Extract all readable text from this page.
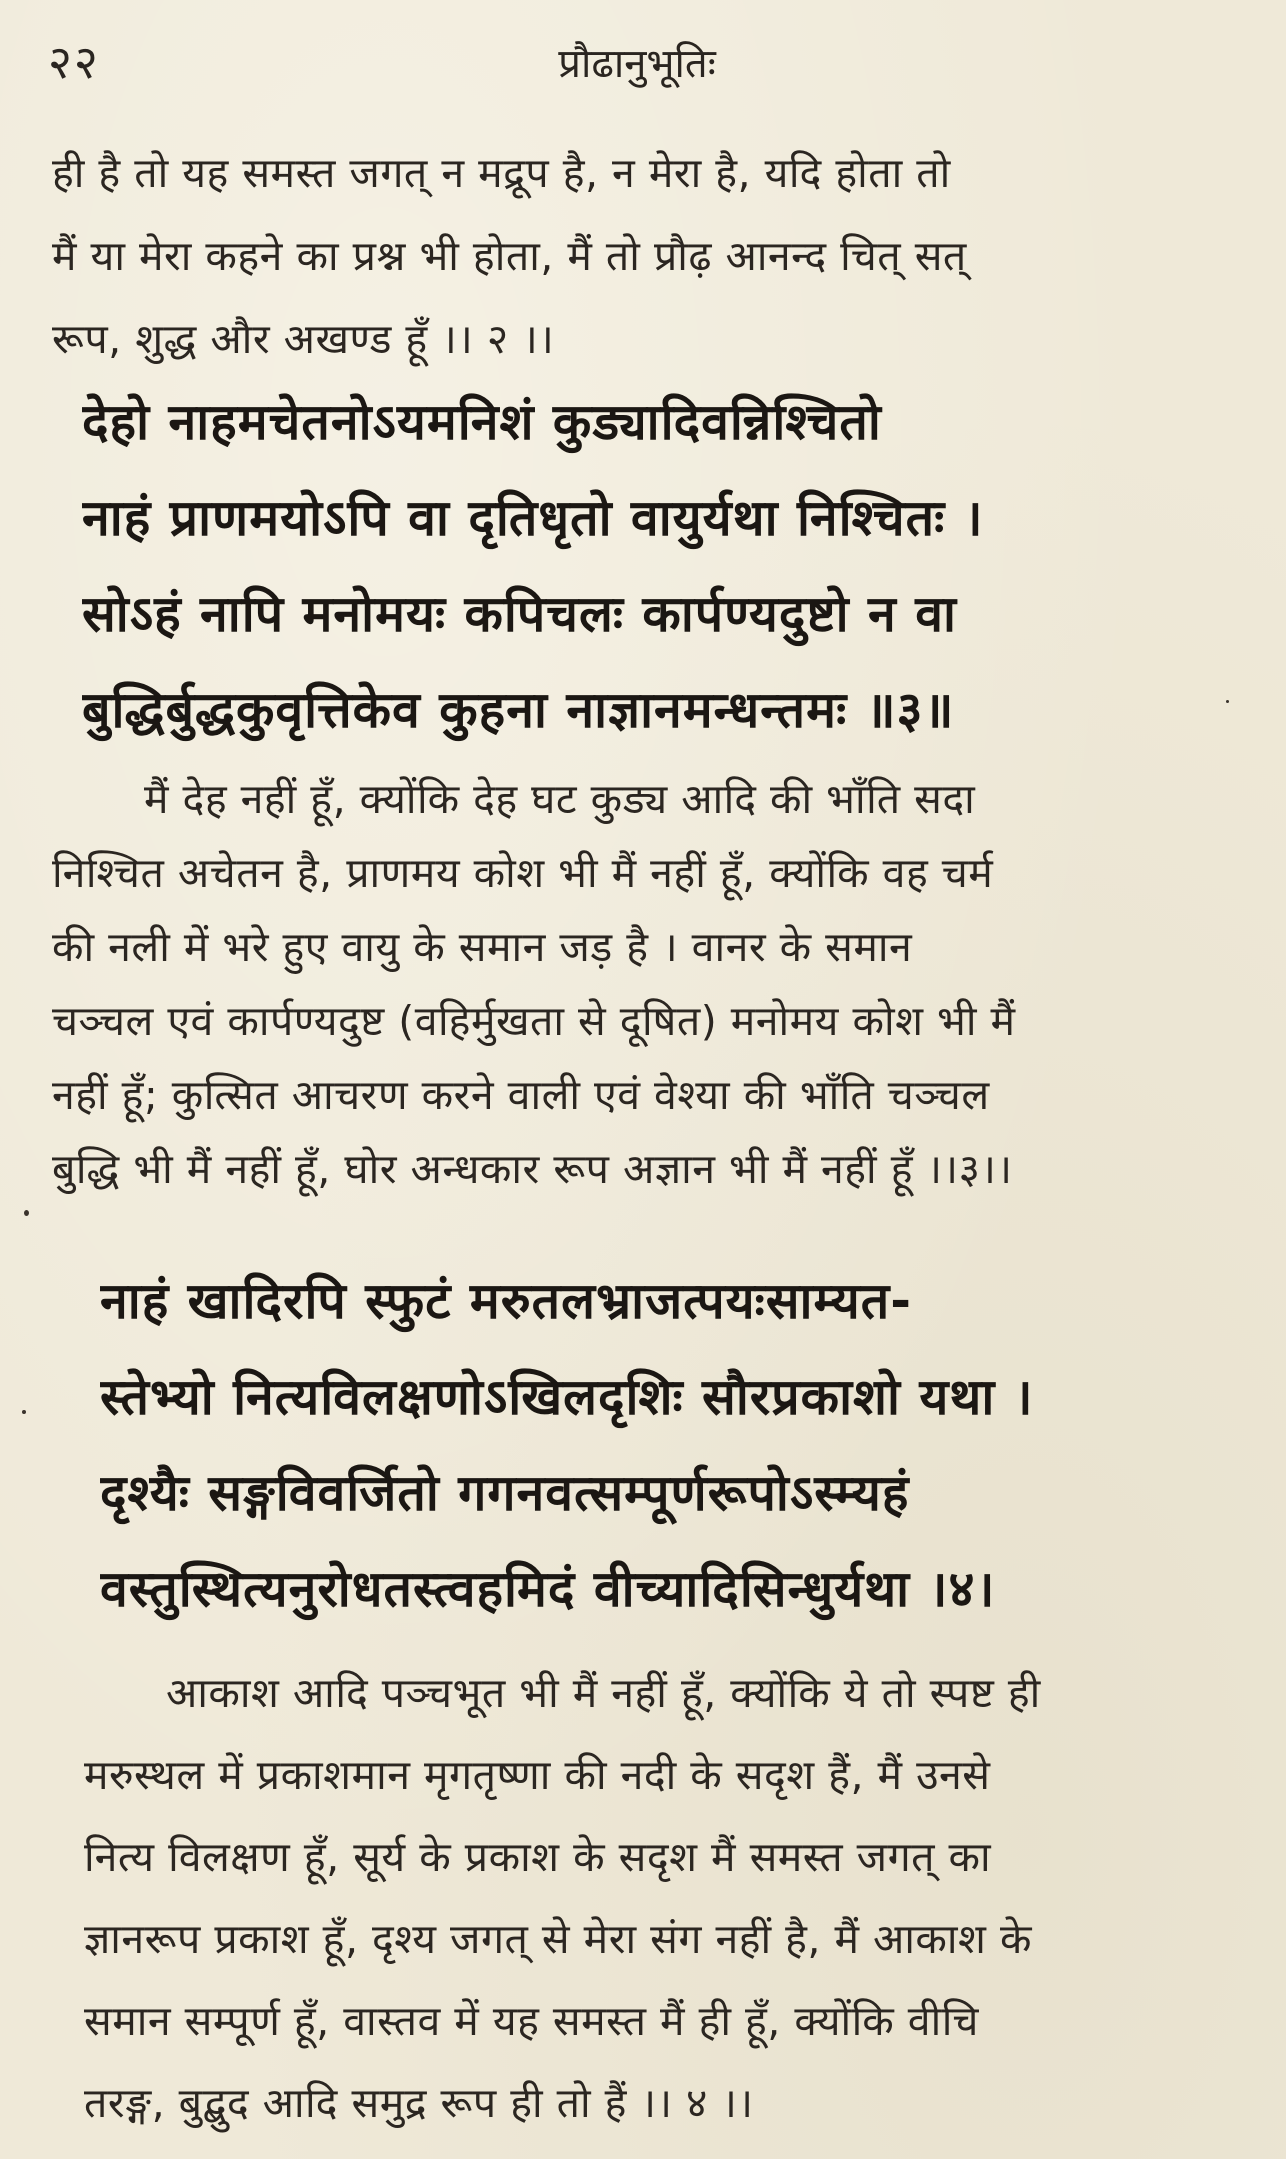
२२	प्रौढानुभूतिः
ही है तो यह समस्त जगत् न मद्रूप है, न मेरा है, यदि होता तो
मैं या मेरा कहने का प्रश्न भी होता, मैं तो प्रौढ़ आनन्द चित् सत्
रूप, शुद्ध और अखण्ड हूँ ।। २ ।।
देहो नाहमचेतनोऽयमनिशं कुड्यादिवन्निश्चितो
नाहं प्राणमयोऽपि वा दृतिधृतो वायुर्यथा निश्चितः ।
सोऽहं नापि मनोमयः कपिचलः कार्पण्यदुष्टो न वा
बुद्धिर्बुद्धकुवृत्तिकेव कुहना नाज्ञानमन्धन्तमः ॥३॥
मैं देह नहीं हूँ, क्योंकि देह घट कुड्य आदि की भाँति सदा
निश्चित अचेतन है, प्राणमय कोश भी मैं नहीं हूँ, क्योंकि वह चर्म
की नली में भरे हुए वायु के समान जड़ है । वानर के समान
चञ्चल एवं कार्पण्यदुष्ट (वहिर्मुखता से दूषित) मनोमय कोश भी मैं
नहीं हूँ; कुत्सित आचरण करने वाली एवं वेश्या की भाँति चञ्चल
बुद्धि भी मैं नहीं हूँ, घोर अन्धकार रूप अज्ञान भी मैं नहीं हूँ ।।३।।
नाहं खादिरपि स्फुटं मरुतलभ्राजत्पयःसाम्यत-
स्तेभ्यो नित्यविलक्षणोऽखिलदृशिः सौरप्रकाशो यथा ।
दृश्यैः सङ्गविवर्जितो गगनवत्सम्पूर्णरूपोऽस्म्यहं
वस्तुस्थित्यनुरोधतस्त्वहमिदं वीच्यादिसिन्धुर्यथा ।४।
आकाश आदि पञ्चभूत भी मैं नहीं हूँ, क्योंकि ये तो स्पष्ट ही
मरुस्थल में प्रकाशमान मृगतृष्णा की नदी के सदृश हैं, मैं उनसे
नित्य विलक्षण हूँ, सूर्य के प्रकाश के सदृश मैं समस्त जगत् का
ज्ञानरूप प्रकाश हूँ, दृश्य जगत् से मेरा संग नहीं है, मैं आकाश के
समान सम्पूर्ण हूँ, वास्तव में यह समस्त मैं ही हूँ, क्योंकि वीचि
तरङ्ग, बुद्बुद आदि समुद्र रूप ही तो हैं ।। ४ ।।
